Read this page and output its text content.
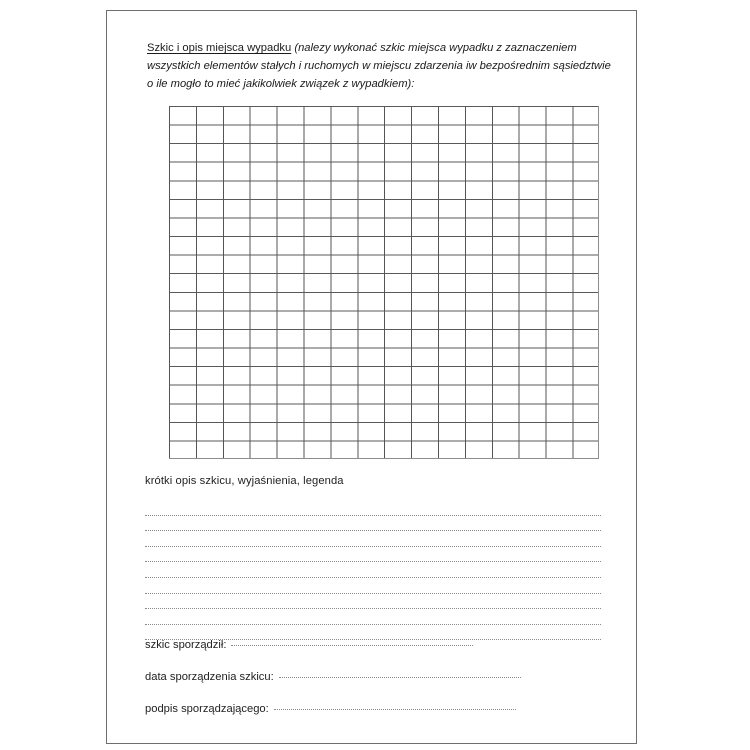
Szkic i opis miejsca wypadku (nalezy wykonać szkic miejsca wypadku z zaznaczeniem wszystkich elementów stałych i ruchomych w miejscu zdarzenia iw bezpośrednim sąsiedztwie o ile mogło to mieć jakikolwiek związek z wypadkiem):
krótki opis szkicu, wyjaśnienia, legenda
szkic sporządził:
data sporządzenia szkicu:
podpis sporządzającego:
